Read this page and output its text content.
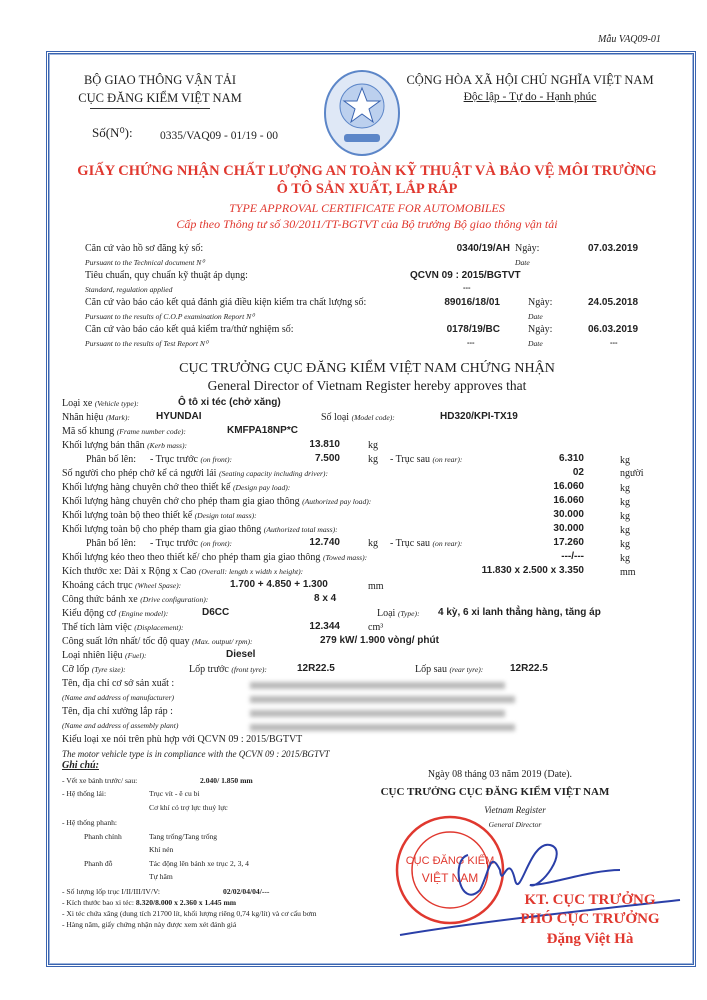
Mẫu VAQ09-01
BỘ GIAO THÔNG VẬN TẢI
CỤC ĐĂNG KIỂM VIỆT NAM
CỘNG HÒA XÃ HỘI CHỦ NGHĨA VIỆT NAM
Độc lập - Tự do - Hạnh phúc
Số(N⁰): 0335/VAQ09 - 01/19 - 00
GIẤY CHỨNG NHẬN CHẤT LƯỢNG AN TOÀN KỸ THUẬT VÀ BẢO VỆ MÔI TRƯỜNG
Ô TÔ SẢN XUẤT, LẮP RÁP
TYPE APPROVAL CERTIFICATE FOR AUTOMOBILES
Cấp theo Thông tư số 30/2011/TT-BGTVT của Bộ trưởng Bộ giao thông vận tải
Căn cứ vào hồ sơ đăng ký số:	0340/19/AH Ngày:	07.03.2019
Pursuant to the Technical document N⁰	Date
Tiêu chuẩn, quy chuẩn kỹ thuật áp dụng:	QCVN 09 : 2015/BGTVT
Standard, regulation applied	---
Căn cứ vào báo cáo kết quả đánh giá điều kiện kiểm tra chất lượng số:	89016/18/01	Ngày:	24.05.2018
Pursuant to the results of C.O.P examination Report N⁰	Date
Căn cứ vào báo cáo kết quả kiểm tra/thử nghiệm số:	0178/19/BC	Ngày:	06.03.2019
Pursuant to the results of Test Report N⁰	---	Date	---
CỤC TRƯỞNG CỤC ĐĂNG KIỂM VIỆT NAM CHỨNG NHẬN
General Director of Vietnam Register hereby approves that
Loại xe (Vehicle type):	Ô tô xi téc (chở xăng)
Nhãn hiệu (Mark):	HYUNDAI	Số loại (Model code):	HD320/KPI-TX19
Mã số khung (Frame number code):	KMFPA18NP*C
Khối lượng bản thân (Kerb mass):	13.810	kg
Phân bố lên: - Trục trước (on front):	7.500	kg - Trục sau (on rear):	6.310	kg
Số người cho phép chở kể cả người lái (Seating capacity including driver):	02	người
Khối lượng hàng chuyên chở theo thiết kế (Design pay load):	16.060	kg
Khối lượng hàng chuyên chở cho phép tham gia giao thông (Authorized pay load):	16.060	kg
Khối lượng toàn bộ theo thiết kế (Design total mass):	30.000	kg
Khối lượng toàn bộ cho phép tham gia giao thông (Authorized total mass):	30.000	kg
Phân bố lên: - Trục trước (on front):	12.740	kg - Trục sau (on rear):	17.260	kg
Khối lượng kéo theo theo thiết kế/ cho phép tham gia giao thông (Towed mass):	---/---	kg
Kích thước xe: Dài x Rộng x Cao (Overall: length x width x height):	11.830 x 2.500 x 3.350	mm
Khoảng cách trục (Wheel Spase):	1.700 + 4.850 + 1.300	mm
Công thức bánh xe (Drive configuration):	8 x 4
Kiểu động cơ (Engine model):	D6CC	Loại (Type): 4 kỳ, 6 xi lanh thẳng hàng, tăng áp
Thể tích làm việc (Displacement):	12.344	cm³
Công suất lớn nhất/ tốc độ quay (Max. output/ rpm):	279 kW/ 1.900 vòng/ phút
Loại nhiên liệu (Fuel):	Diesel
Cỡ lốp (Tyre size):	Lốp trước (front tyre):	12R22.5	Lốp sau (rear tyre):	12R22.5
Tên, địa chỉ cơ sở sản xuất :
(Name and address of manufacturer)
Tên, địa chỉ xưởng lắp ráp :
(Name and address of assembly plant)
Kiểu loại xe nói trên phù hợp với QCVN 09 : 2015/BGTVT
The motor vehicle type is in compliance with the QCVN 09 : 2015/BGTVT
Ghi chú:
- Vết xe bánh trước/ sau:	2.040/ 1.850 mm
- Hệ thống lái:	Trục vít - ê cu bi
Cơ khí có trợ lực thuỷ lực
- Hệ thống phanh:
Phanh chính	Tang trống/Tang trống
Khí nén
Phanh đỗ	Tác động lên bánh xe trục 2, 3, 4
Tự hãm
- Số lượng lốp trục I/II/III/IV/V:	02/02/04/04/---
- Kích thước bao xi téc: 8.320/8.000 x 2.360 x 1.445 mm
- Xi téc chứa xăng (dung tích 21700 lít, khối lượng riêng 0,74 kg/lít) và cơ cấu bơm
- Hàng năm, giấy chứng nhận này được xem xét đánh giá
Ngày 08 tháng 03 năm 2019 (Date).
CỤC TRƯỞNG CỤC ĐĂNG KIỂM VIỆT NAM
Vietnam Register
General Director
CỤC ĐĂNG KIỂM
VIỆT NAM
KT. CỤC TRƯỞNG
PHÓ CỤC TRƯỞNG
Đặng Việt Hà
